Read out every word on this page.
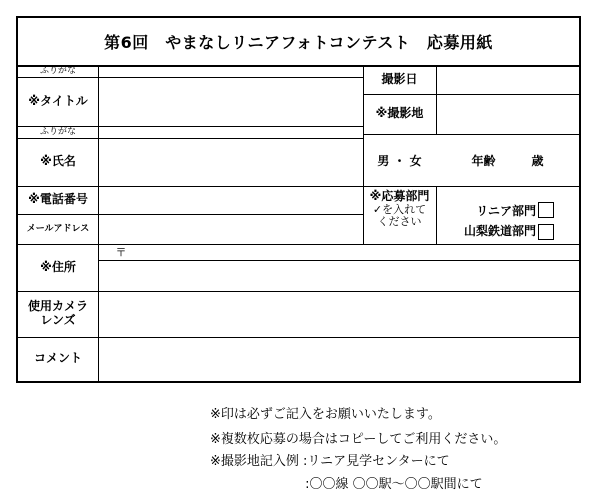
第6回　やまなしリニアフォトコンテスト　応募用紙
ふりがな
※タイトル
ふりがな
※氏名
※電話番号
メールアドレス
※住所
〒
使用カメラ
レンズ
コメント
撮影日
※撮影地
男 ・ 女	年齢　　　歳
※応募部門
✓を入れて
ください
リニア部門
山梨鉄道部門
※印は必ずご記入をお願いいたします。
※複数枚応募の場合はコピーしてご利用ください。
※撮影地記入例 :リニア見学センターにて
　　　　　　　 :〇〇線 〇〇駅～〇〇駅間にて
